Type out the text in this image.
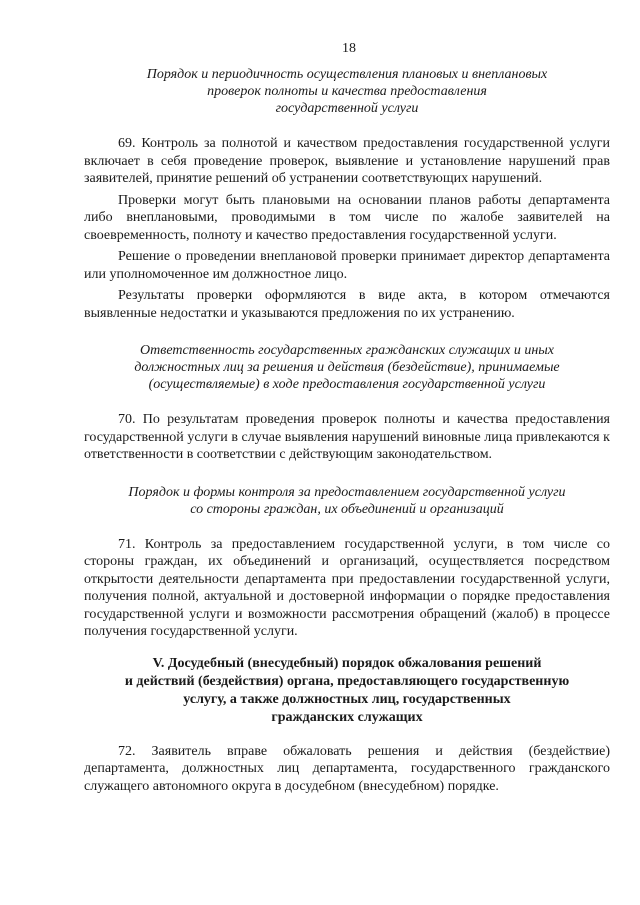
18
Порядок и периодичность осуществления плановых и внеплановых
проверок полноты и качества предоставления
государственной услуги

69. Контроль за полнотой и качеством предоставления государственной услуги включает в себя проведение проверок, выявление и установление нарушений прав заявителей, принятие решений об устранении соответствующих нарушений.

Проверки могут быть плановыми на основании планов работы департамента либо внеплановыми, проводимыми в том числе по жалобе заявителей на своевременность, полноту и качество предоставления государственной услуги.

Решение о проведении внеплановой проверки принимает директор департамента или уполномоченное им должностное лицо.

Результаты проверки оформляются в виде акта, в котором отмечаются выявленные недостатки и указываются предложения по их устранению.

Ответственность государственных гражданских служащих и иных
должностных лиц за решения и действия (бездействие), принимаемые
(осуществляемые) в ходе предоставления государственной услуги

70. По результатам проведения проверок полноты и качества предоставления государственной услуги в случае выявления нарушений виновные лица привлекаются к ответственности в соответствии с действующим законодательством.

Порядок и формы контроля за предоставлением государственной услуги
со стороны граждан, их объединений и организаций

71. Контроль за предоставлением государственной услуги, в том числе со стороны граждан, их объединений и организаций, осуществляется посредством открытости деятельности департамента при предоставлении государственной услуги, получения полной, актуальной и достоверной информации о порядке предоставления государственной услуги и возможности рассмотрения обращений (жалоб) в процессе получения государственной услуги.

V. Досудебный (внесудебный) порядок обжалования решений
и действий (бездействия) органа, предоставляющего государственную
услугу, а также должностных лиц, государственных
гражданских служащих

72. Заявитель вправе обжаловать решения и действия (бездействие) департамента, должностных лиц департамента, государственного гражданского служащего автономного округа в досудебном (внесудебном) порядке.
